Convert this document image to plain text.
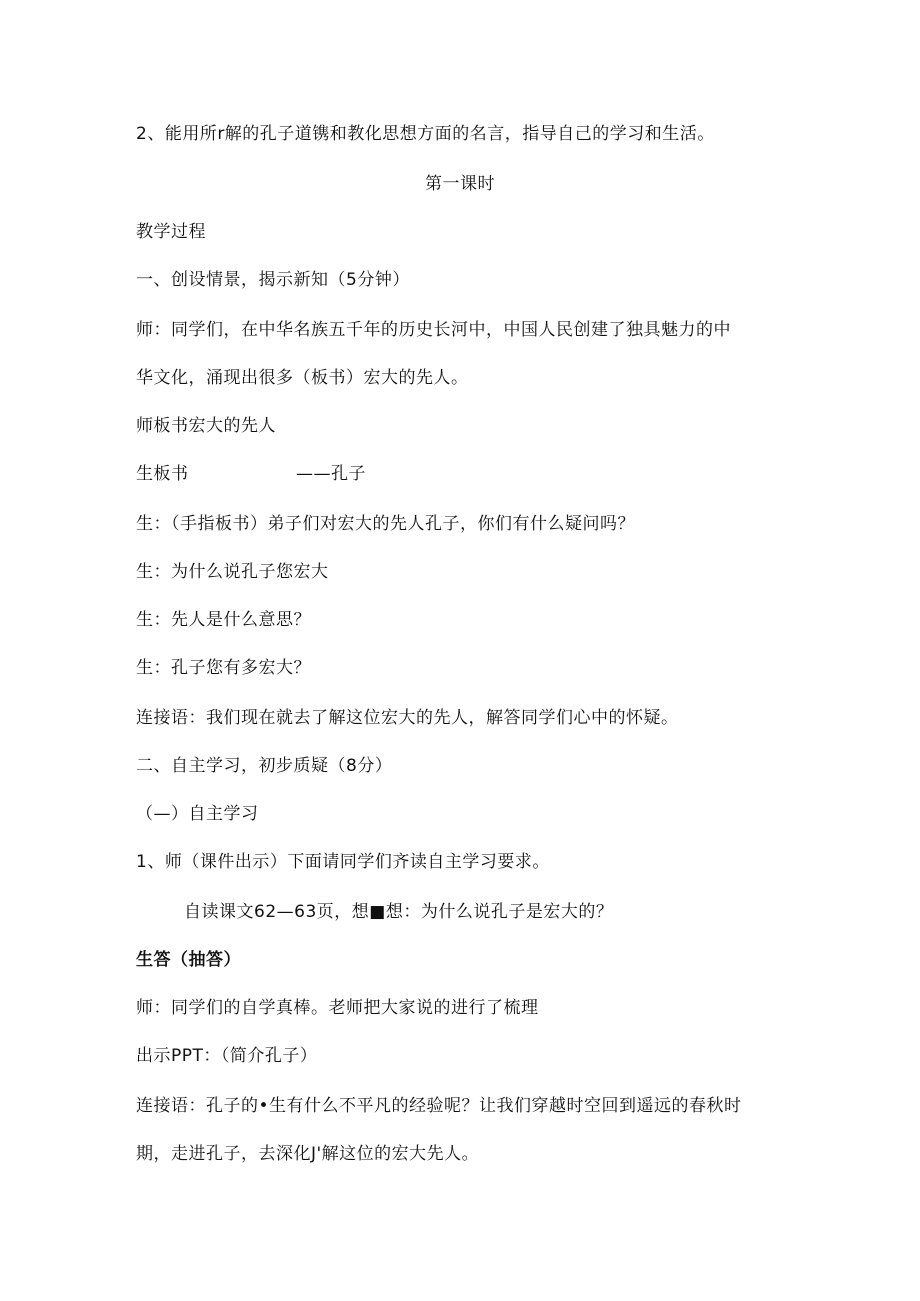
2、能用所r解的孔子道镌和教化思想方面的名言，指导自己的学习和生活。
第一课时
教学过程
一、创设情景，揭示新知（5分钟）
师：同学们，在中华名族五千年的历史长河中，中国人民创建了独具魅力的中
华文化，涌现出很多（板书）宏大的先人。
师板书宏大的先人
生板书	——孔子
生：（手指板书）弟子们对宏大的先人孔子，你们有什么疑问吗？
生：为什么说孔子您宏大
生：先人是什么意思？
生：孔子您有多宏大？
连接语：我们现在就去了解这位宏大的先人，解答同学们心中的怀疑。
二、自主学习，初步质疑（8分）
（—）自主学习
1、师（课件出示）下面请同学们齐读自主学习要求。
自读课文62—63页，想■想：为什么说孔子是宏大的？
生答（抽答）
师：同学们的自学真棒。老师把大家说的进行了梳理
出示PPT：（简介孔子）
连接语：孔子的•生有什么不平凡的经验呢？让我们穿越时空回到遥远的春秋时
期，走进孔子，去深化J'解这位的宏大先人。
